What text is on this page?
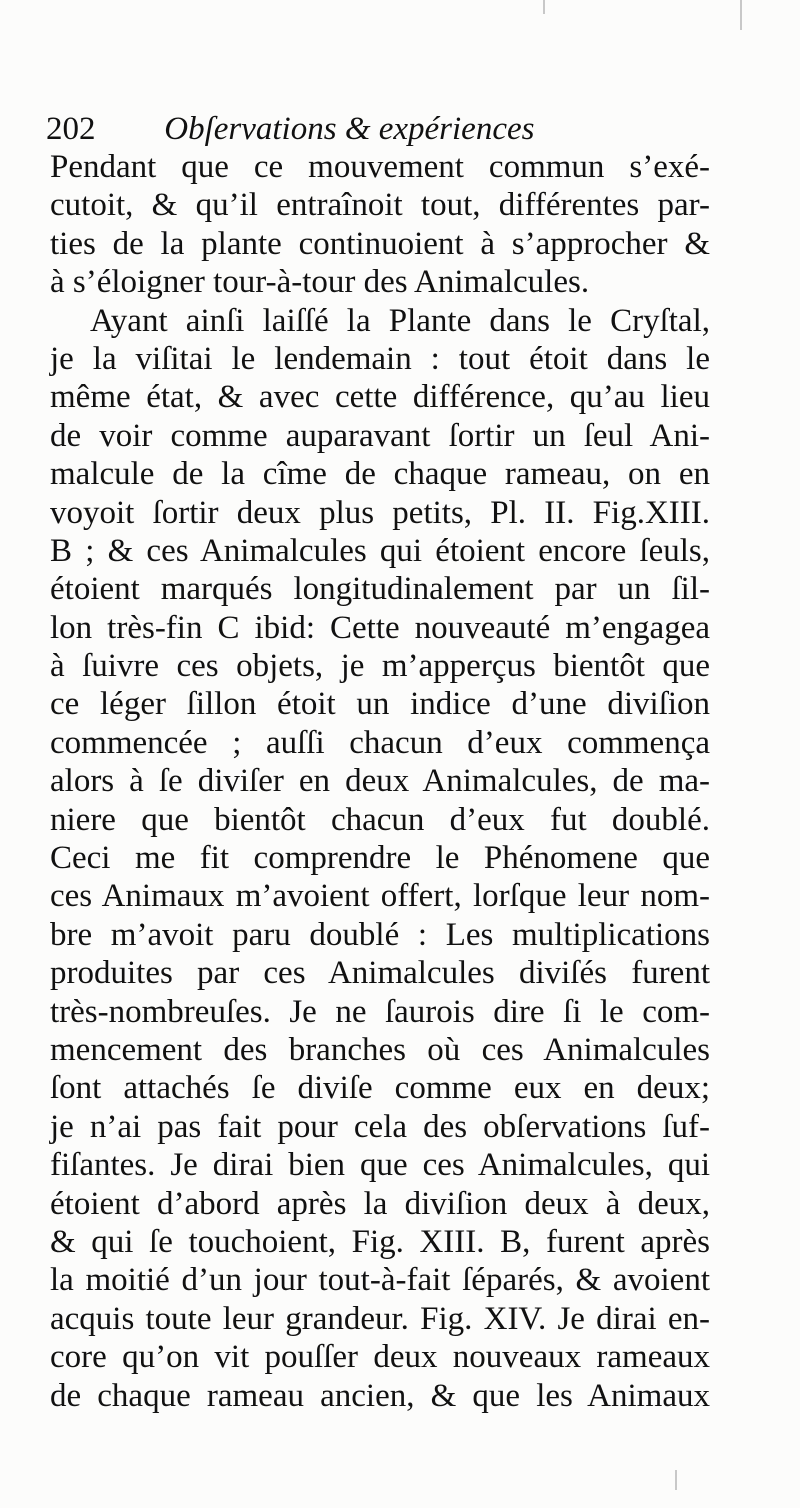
202 Obſervations & expériences
Pendant que ce mouvement commun s’exé-
cutoit, & qu’il entraînoit tout, différentes par-
ties de la plante continuoient à s’approcher &
à s’éloigner tour-à-tour des Animalcules.
Ayant ainſi laiſſé la Plante dans le Cryſtal,
je la viſitai le lendemain : tout étoit dans le
même état, & avec cette différence, qu’au lieu
de voir comme auparavant ſortir un ſeul Ani-
malcule de la cîme de chaque rameau, on en
voyoit ſortir deux plus petits, Pl. II. Fig.XIII.
B ; & ces Animalcules qui étoient encore ſeuls,
étoient marqués longitudinalement par un ſil-
lon très-fin C ibid: Cette nouveauté m’engagea
à ſuivre ces objets, je m’apperçus bientôt que
ce léger ſillon étoit un indice d’une diviſion
commencée ; auſſi chacun d’eux commença
alors à ſe diviſer en deux Animalcules, de ma-
niere que bientôt chacun d’eux fut doublé.
Ceci me fit comprendre le Phénomene que
ces Animaux m’avoient offert, lorſque leur nom-
bre m’avoit paru doublé : Les multiplications
produites par ces Animalcules diviſés furent
très-nombreuſes. Je ne ſaurois dire ſi le com-
mencement des branches où ces Animalcules
ſont attachés ſe diviſe comme eux en deux;
je n’ai pas fait pour cela des obſervations ſuf-
fiſantes. Je dirai bien que ces Animalcules, qui
étoient d’abord après la diviſion deux à deux,
& qui ſe touchoient, Fig. XIII. B, furent après
la moitié d’un jour tout-à-fait ſéparés, & avoient
acquis toute leur grandeur. Fig. XIV. Je dirai en-
core qu’on vit pouſſer deux nouveaux rameaux
de chaque rameau ancien, & que les Animaux
